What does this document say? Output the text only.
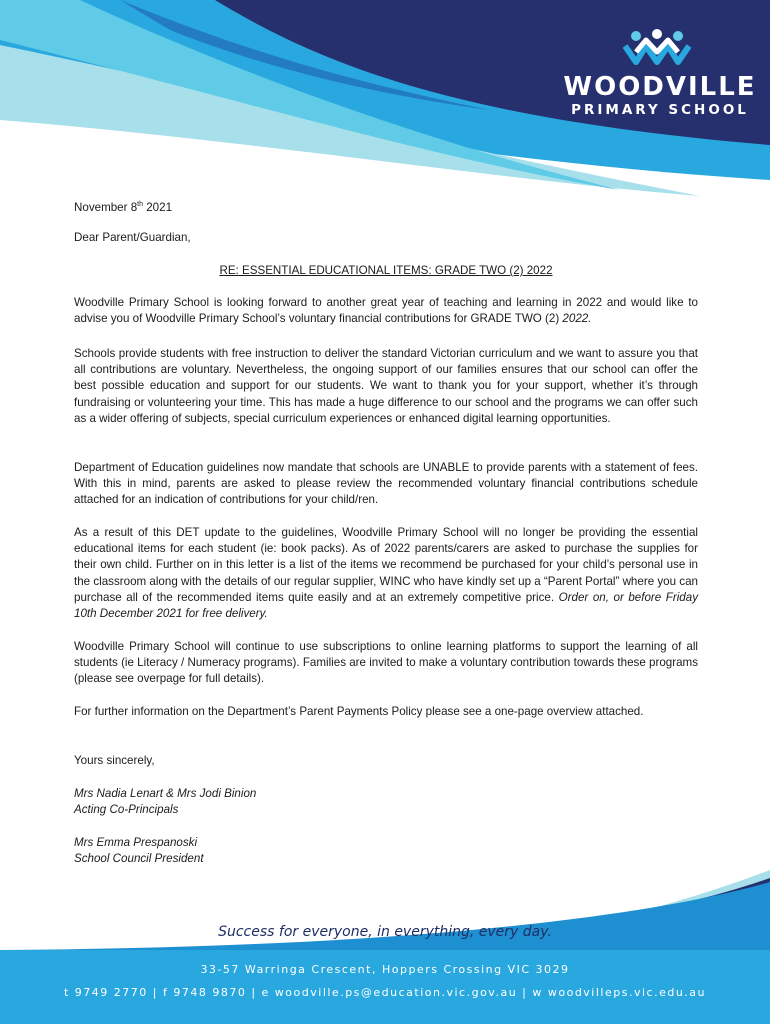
WOODVILLE
PRIMARY SCHOOL

November 8th 2021

Dear Parent/Guardian,

RE: ESSENTIAL EDUCATIONAL ITEMS: GRADE TWO (2) 2022

Woodville Primary School is looking forward to another great year of teaching and learning in 2022 and would like to advise you of Woodville Primary School’s voluntary financial contributions for GRADE TWO (2) 2022.

Schools provide students with free instruction to deliver the standard Victorian curriculum and we want to assure you that all contributions are voluntary. Nevertheless, the ongoing support of our families ensures that our school can offer the best possible education and support for our students. We want to thank you for your support, whether it’s through fundraising or volunteering your time. This has made a huge difference to our school and the programs we can offer such as a wider offering of subjects, special curriculum experiences or enhanced digital learning opportunities.

Department of Education guidelines now mandate that schools are UNABLE to provide parents with a statement of fees. With this in mind, parents are asked to please review the recommended voluntary financial contributions schedule attached for an indication of contributions for your child/ren.

As a result of this DET update to the guidelines, Woodville Primary School will no longer be providing the essential educational items for each student (ie: book packs). As of 2022 parents/carers are asked to purchase the supplies for their own child. Further on in this letter is a list of the items we recommend be purchased for your child’s personal use in the classroom along with the details of our regular supplier, WINC who have kindly set up a “Parent Portal” where you can purchase all of the recommended items quite easily and at an extremely competitive price. Order on, or before Friday 10th December 2021 for free delivery.

Woodville Primary School will continue to use subscriptions to online learning platforms to support the learning of all students (ie Literacy / Numeracy programs). Families are invited to make a voluntary contribution towards these programs (please see overpage for full details).

For further information on the Department’s Parent Payments Policy please see a one-page overview attached.

Yours sincerely,

Mrs Nadia Lenart & Mrs Jodi Binion

Acting Co-Principals

Mrs Emma Prespanoski

School Council President

Success for everyone, in everything, every day.
33-57 Warringa Crescent, Hoppers Crossing VIC 3029
t 9749 2770 | f 9748 9870 | e woodville.ps@education.vic.gov.au | w woodvilleps.vic.edu.au
